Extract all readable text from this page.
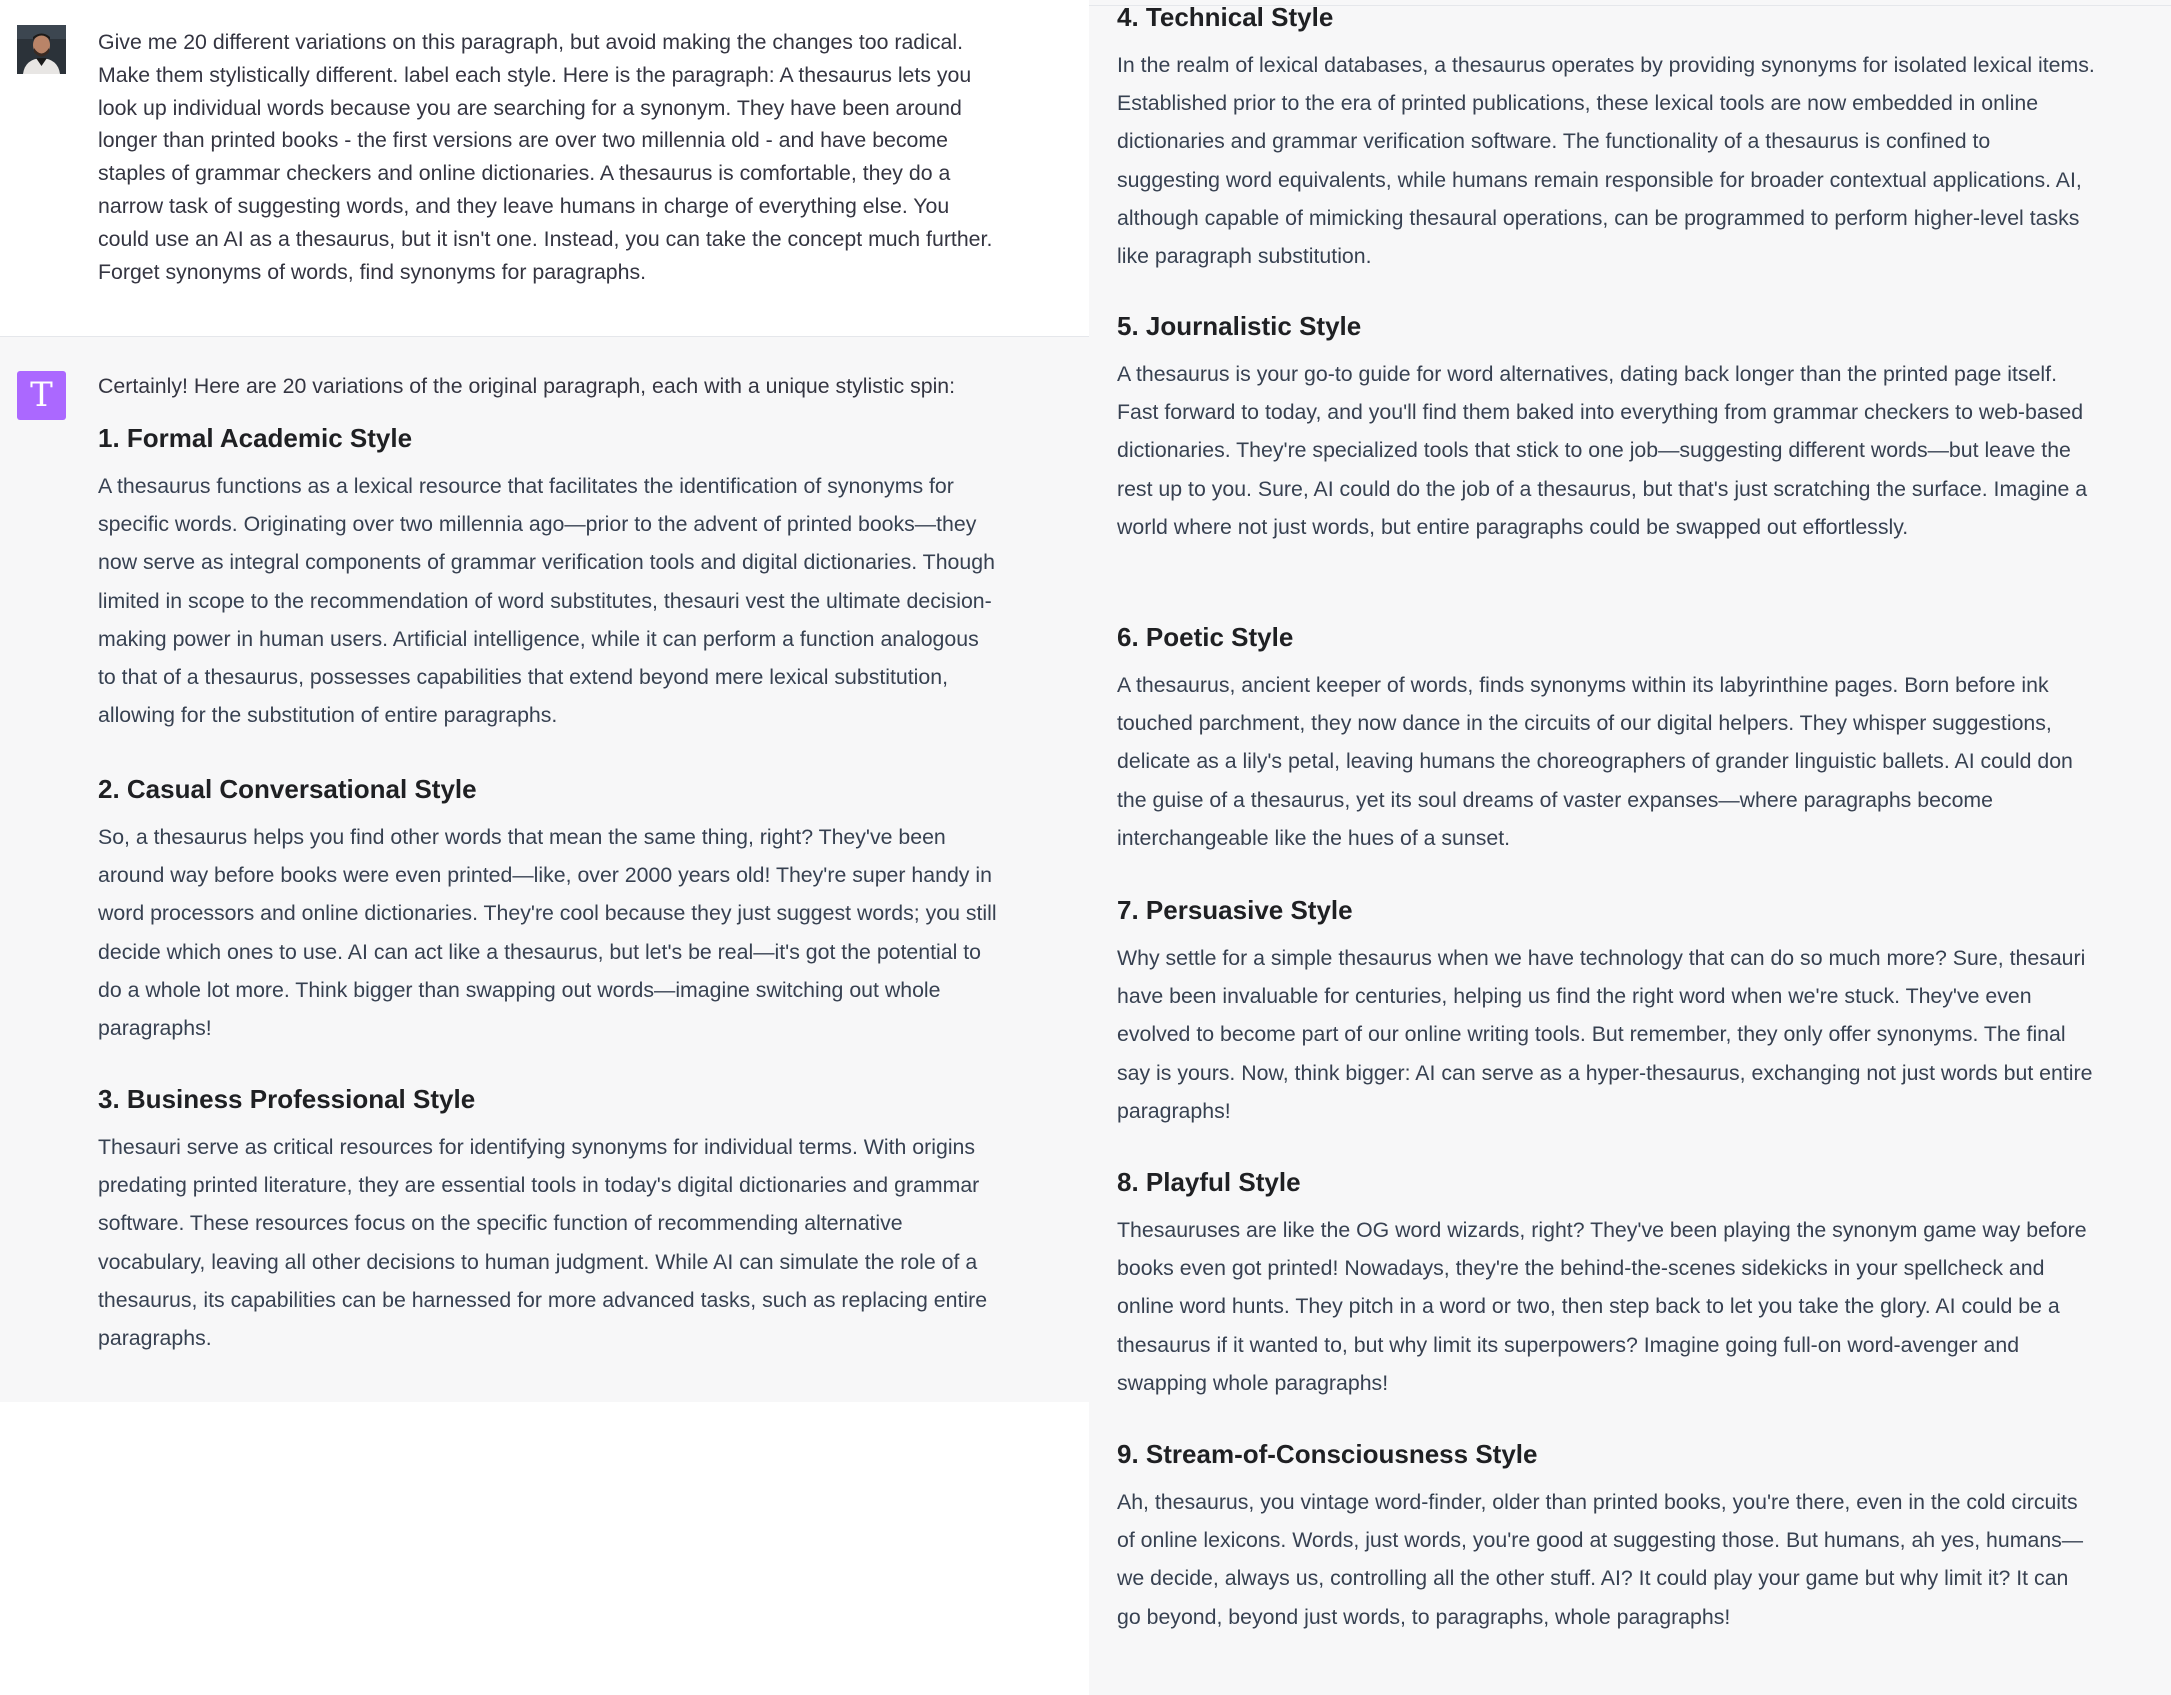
Give me 20 different variations on this paragraph, but avoid making the changes too radical. Make them stylistically different. label each style. Here is the paragraph: A thesaurus lets you look up individual words because you are searching for a synonym. They have been around longer than printed books - the first versions are over two millennia old - and have become staples of grammar checkers and online dictionaries. A thesaurus is comfortable, they do a narrow task of suggesting words, and they leave humans in charge of everything else. You could use an AI as a thesaurus, but it isn't one. Instead, you can take the concept much further. Forget synonyms of words, find synonyms for paragraphs.

T	Certainly! Here are 20 variations of the original paragraph, each with a unique stylistic spin:

1. Formal Academic Style

A thesaurus functions as a lexical resource that facilitates the identification of synonyms for specific words. Originating over two millennia ago—prior to the advent of printed books—they now serve as integral components of grammar verification tools and digital dictionaries. Though limited in scope to the recommendation of word substitutes, thesauri vest the ultimate decision-making power in human users. Artificial intelligence, while it can perform a function analogous to that of a thesaurus, possesses capabilities that extend beyond mere lexical substitution, allowing for the substitution of entire paragraphs.

2. Casual Conversational Style

So, a thesaurus helps you find other words that mean the same thing, right? They've been around way before books were even printed—like, over 2000 years old! They're super handy in word processors and online dictionaries. They're cool because they just suggest words; you still decide which ones to use. AI can act like a thesaurus, but let's be real—it's got the potential to do a whole lot more. Think bigger than swapping out words—imagine switching out whole paragraphs!

3. Business Professional Style

Thesauri serve as critical resources for identifying synonyms for individual terms. With origins predating printed literature, they are essential tools in today's digital dictionaries and grammar software. These resources focus on the specific function of recommending alternative vocabulary, leaving all other decisions to human judgment. While AI can simulate the role of a thesaurus, its capabilities can be harnessed for more advanced tasks, such as replacing entire paragraphs.

4. Technical Style

In the realm of lexical databases, a thesaurus operates by providing synonyms for isolated lexical items. Established prior to the era of printed publications, these lexical tools are now embedded in online dictionaries and grammar verification software. The functionality of a thesaurus is confined to suggesting word equivalents, while humans remain responsible for broader contextual applications. AI, although capable of mimicking thesaural operations, can be programmed to perform higher-level tasks like paragraph substitution.

5. Journalistic Style

A thesaurus is your go-to guide for word alternatives, dating back longer than the printed page itself. Fast forward to today, and you'll find them baked into everything from grammar checkers to web-based dictionaries. They're specialized tools that stick to one job—suggesting different words—but leave the rest up to you. Sure, AI could do the job of a thesaurus, but that's just scratching the surface. Imagine a world where not just words, but entire paragraphs could be swapped out effortlessly.

6. Poetic Style

A thesaurus, ancient keeper of words, finds synonyms within its labyrinthine pages. Born before ink touched parchment, they now dance in the circuits of our digital helpers. They whisper suggestions, delicate as a lily's petal, leaving humans the choreographers of grander linguistic ballets. AI could don the guise of a thesaurus, yet its soul dreams of vaster expanses—where paragraphs become interchangeable like the hues of a sunset.

7. Persuasive Style

Why settle for a simple thesaurus when we have technology that can do so much more? Sure, thesauri have been invaluable for centuries, helping us find the right word when we're stuck. They've even evolved to become part of our online writing tools. But remember, they only offer synonyms. The final say is yours. Now, think bigger: AI can serve as a hyper-thesaurus, exchanging not just words but entire paragraphs!

8. Playful Style

Thesauruses are like the OG word wizards, right? They've been playing the synonym game way before books even got printed! Nowadays, they're the behind-the-scenes sidekicks in your spellcheck and online word hunts. They pitch in a word or two, then step back to let you take the glory. AI could be a thesaurus if it wanted to, but why limit its superpowers? Imagine going full-on word-avenger and swapping whole paragraphs!

9. Stream-of-Consciousness Style

Ah, thesaurus, you vintage word-finder, older than printed books, you're there, even in the cold circuits of online lexicons. Words, just words, you're good at suggesting those. But humans, ah yes, humans—we decide, always us, controlling all the other stuff. AI? It could play your game but why limit it? It can go beyond, beyond just words, to paragraphs, whole paragraphs!
